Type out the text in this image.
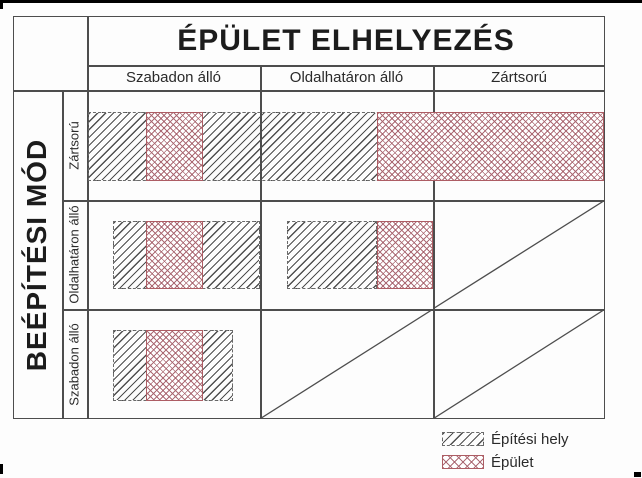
ÉPÜLET ELHELYEZÉS
Szabadon álló	Oldalhatáron álló	Zártsorú
BEÉPÍTÉSI MÓD Zártsorú
Oldalhatáron álló
Szabadon álló
Építési hely
Épület
